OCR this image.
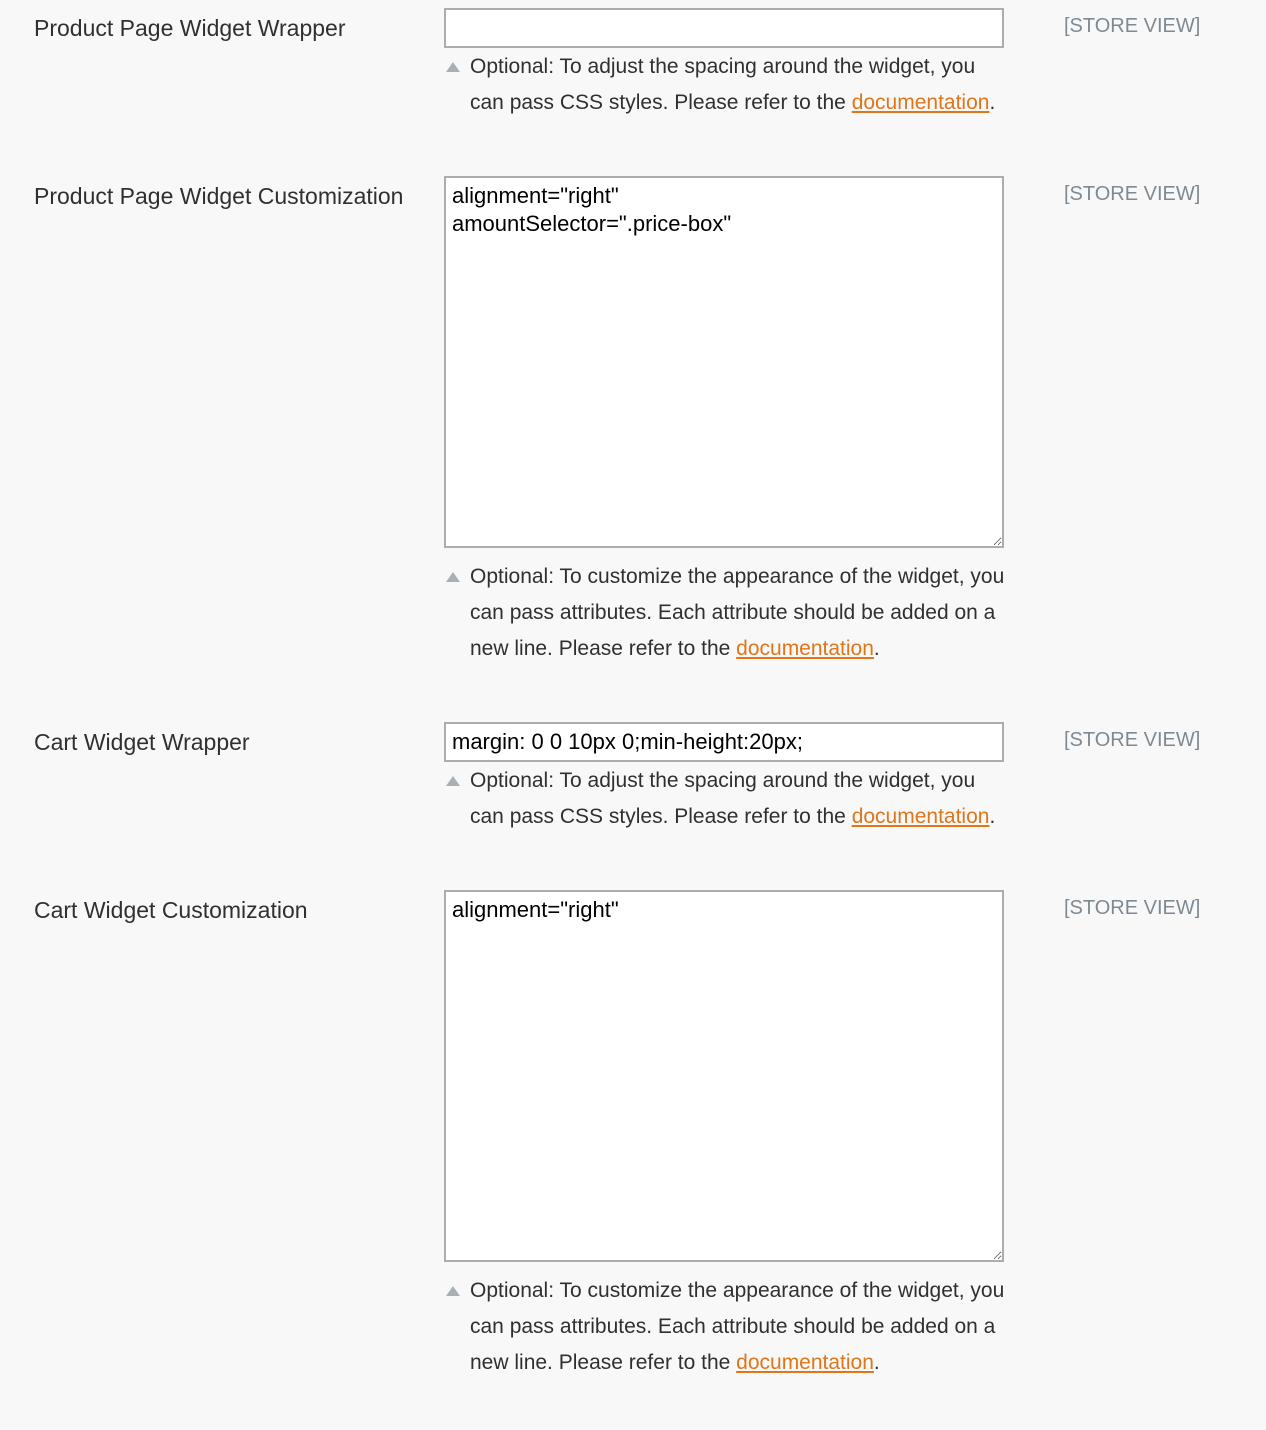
Product Page Widget Wrapper
Optional: To adjust the spacing around the widget, you can pass CSS styles. Please refer to the documentation.
[STORE VIEW]
Product Page Widget Customization
alignment="right" amountSelector=".price-box"
Optional: To customize the appearance of the widget, you can pass attributes. Each attribute should be added on a new line. Please refer to the documentation.
[STORE VIEW]
Cart Widget Wrapper
margin: 0 0 10px 0;min-height:20px;
Optional: To adjust the spacing around the widget, you can pass CSS styles. Please refer to the documentation.
[STORE VIEW]
Cart Widget Customization
alignment="right"
Optional: To customize the appearance of the widget, you can pass attributes. Each attribute should be added on a new line. Please refer to the documentation.
[STORE VIEW]
